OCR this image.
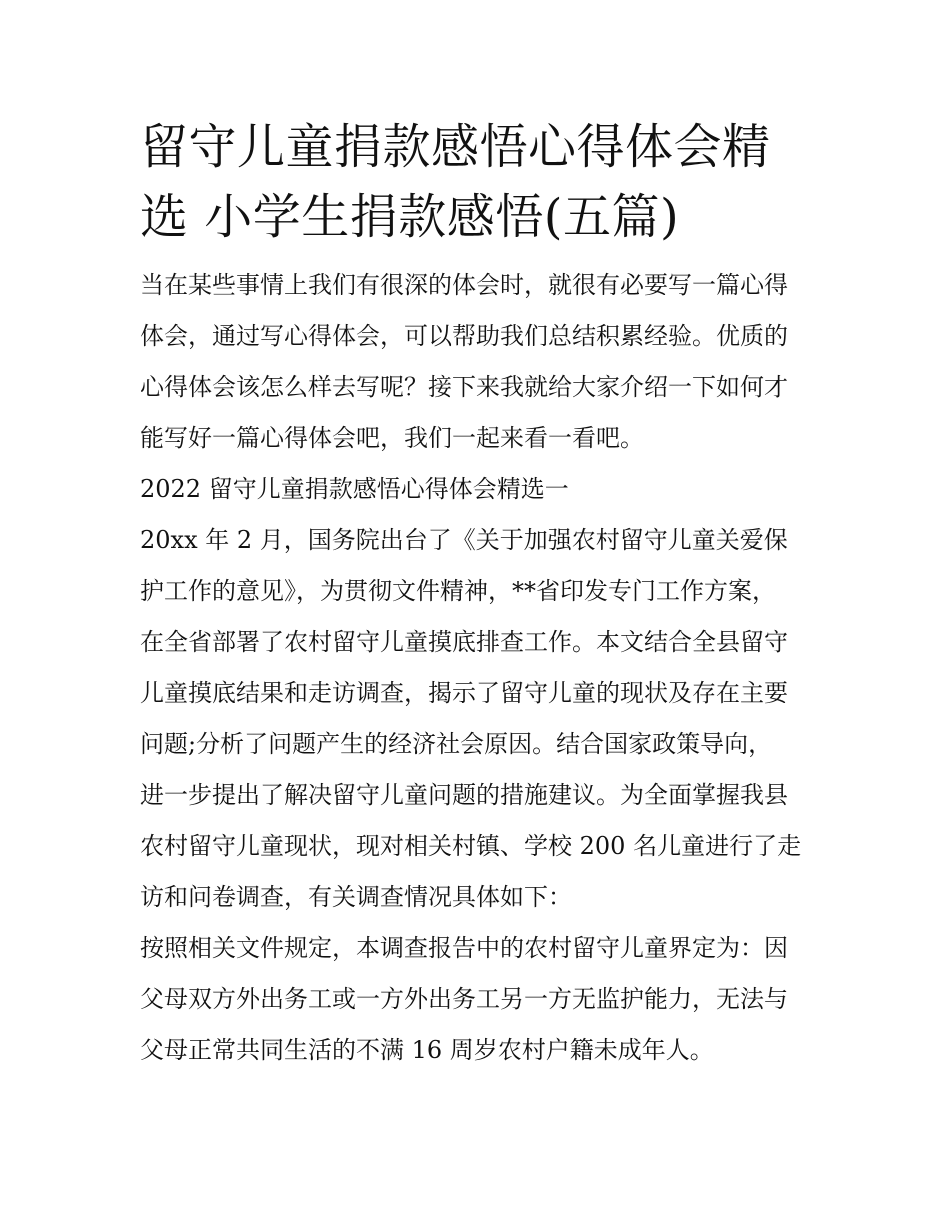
留守儿童捐款感悟心得体会精
选 小学生捐款感悟(五篇)
当在某些事情上我们有很深的体会时，就很有必要写一篇心得
体会，通过写心得体会，可以帮助我们总结积累经验。优质的
心得体会该怎么样去写呢？接下来我就给大家介绍一下如何才
能写好一篇心得体会吧，我们一起来看一看吧。
2022 留守儿童捐款感悟心得体会精选一
20xx 年 2 月，国务院出台了《关于加强农村留守儿童关爱保
护工作的意见》，为贯彻文件精神，**省印发专门工作方案，
在全省部署了农村留守儿童摸底排查工作。本文结合全县留守
儿童摸底结果和走访调查，揭示了留守儿童的现状及存在主要
问题;分析了问题产生的经济社会原因。结合国家政策导向，
进一步提出了解决留守儿童问题的措施建议。为全面掌握我县
农村留守儿童现状，现对相关村镇、学校 200 名儿童进行了走
访和问卷调查，有关调查情况具体如下：
按照相关文件规定，本调查报告中的农村留守儿童界定为：因
父母双方外出务工或一方外出务工另一方无监护能力，无法与
父母正常共同生活的不满 16 周岁农村户籍未成年人。
